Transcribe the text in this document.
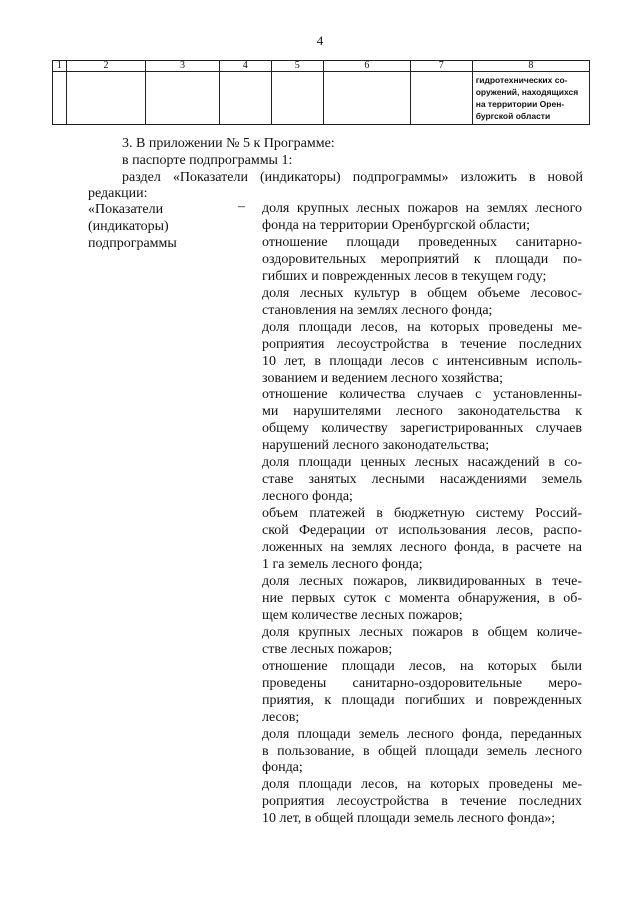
4
1	2	3	4	5	6	7	8

							гидротехнических со-
оружений, находящихся
на территории Орен-
бургской области
3. В приложении № 5 к Программе:
в паспорте подпрограммы 1:
раздел «Показатели (индикаторы) подпрограммы» изложить в новой
редакции:
«Показатели
(индикаторы)
подпрограммы
– доля крупных лесных пожаров на землях лесного
фонда на территории Оренбургской области;
отношение площади проведенных санитарно-
оздоровительных мероприятий к площади по-
гибших и поврежденных лесов в текущем году;
доля лесных культур в общем объеме лесовос-
становления на землях лесного фонда;
доля площади лесов, на которых проведены ме-
роприятия лесоустройства в течение последних
10 лет, в площади лесов с интенсивным исполь-
зованием и ведением лесного хозяйства;
отношение количества случаев с установленны-
ми нарушителями лесного законодательства к
общему количеству зарегистрированных случаев
нарушений лесного законодательства;
доля площади ценных лесных насаждений в со-
ставе занятых лесными насаждениями земель
лесного фонда;
объем платежей в бюджетную систему Россий-
ской Федерации от использования лесов, распо-
ложенных на землях лесного фонда, в расчете на
1 га земель лесного фонда;
доля лесных пожаров, ликвидированных в тече-
ние первых суток с момента обнаружения, в об-
щем количестве лесных пожаров;
доля крупных лесных пожаров в общем количе-
стве лесных пожаров;
отношение площади лесов, на которых были
проведены санитарно-оздоровительные меро-
приятия, к площади погибших и поврежденных
лесов;
доля площади земель лесного фонда, переданных
в пользование, в общей площади земель лесного
фонда;
доля площади лесов, на которых проведены ме-
роприятия лесоустройства в течение последних
10 лет, в общей площади земель лесного фонда»;
